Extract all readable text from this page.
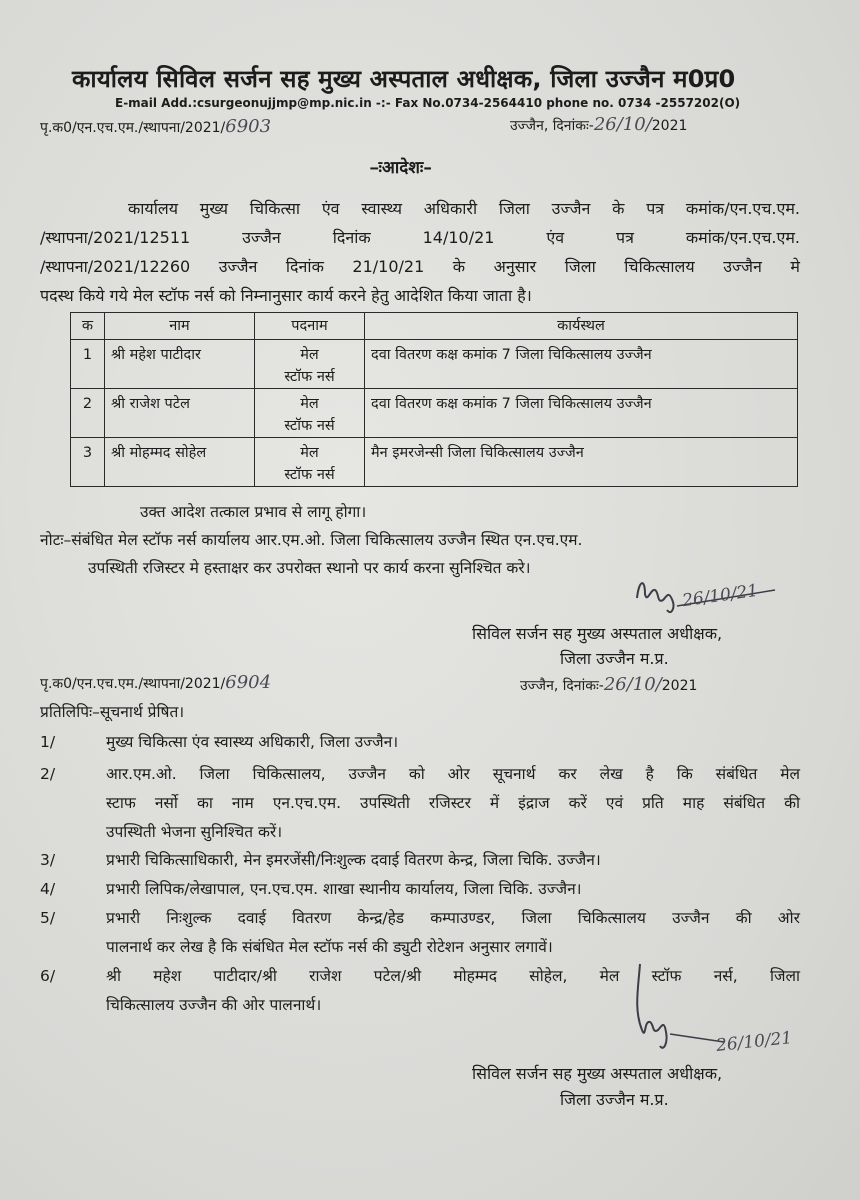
कार्यालय सिविल सर्जन सह मुख्य अस्पताल अधीक्षक, जिला उज्जैन म0प्र0
E-mail Add.:csurgeonujjmp@mp.nic.in -:- Fax No.0734-2564410 phone no. 0734 -2557202(O)
पृ.क0/एन.एच.एम./स्थापना/2021/6903	उज्जैन, दिनांकः-26/10/2021
–ःआदेशः–
कार्यालय मुख्य चिकित्सा एंव स्वास्थ्य अधिकारी जिला उज्जैन के पत्र कमांक/एन.एच.एम.
/स्थापना/2021/12511 उज्जैन दिनांक 14/10/21 एंव पत्र कमांक/एन.एच.एम.
/स्थापना/2021/12260 उज्जैन दिनांक 21/10/21 के अनुसार जिला चिकित्सालय उज्जैन मे
पदस्थ किये गये मेल स्टॉफ नर्स को निम्नानुसार कार्य करने हेतु आदेशित किया जाता है।
क	नाम	पदनाम	कार्यस्थल
1	श्री महेश पाटीदार	मेल
स्टॉफ नर्स	दवा वितरण कक्ष कमांक 7 जिला चिकित्सालय उज्जैन
2	श्री राजेश पटेल	मेल
स्टॉफ नर्स	दवा वितरण कक्ष कमांक 7 जिला चिकित्सालय उज्जैन
3	श्री मोहम्मद सोहेल	मेल
स्टॉफ नर्स	मैन इमरजेन्सी जिला चिकित्सालय उज्जैन
उक्त आदेश तत्काल प्रभाव से लागू होगा।
नोटः–संबंधित मेल स्टॉफ नर्स कार्यालय आर.एम.ओ. जिला चिकित्सालय उज्जैन स्थित एन.एच.एम.
उपस्थिती रजिस्टर मे हस्ताक्षर कर उपरोक्त स्थानो पर कार्य करना सुनिश्चित करे।
26/10/21
सिविल सर्जन सह मुख्य अस्पताल अधीक्षक,
जिला उज्जैन म.प्र.
पृ.क0/एन.एच.एम./स्थापना/2021/6904	उज्जैन, दिनांकः-26/10/2021
प्रतिलिपिः–सूचनार्थ प्रेषित।
1/	मुख्य चिकित्सा एंव स्वास्थ्य अधिकारी, जिला उज्जैन।
2/	आर.एम.ओ. जिला चिकित्सालय, उज्जैन को ओर सूचनार्थ कर लेख है कि संबंधित मेल
स्टाफ नर्सो का नाम एन.एच.एम. उपस्थिती रजिस्टर में इंद्राज करें एवं प्रति माह संबंधित की
उपस्थिती भेजना सुनिश्चित करें।
3/	प्रभारी चिकित्साधिकारी, मेन इमरजेंसी/निःशुल्क दवाई वितरण केन्द्र, जिला चिकि. उज्जैन।
4/	प्रभारी लिपिक/लेखापाल, एन.एच.एम. शाखा स्थानीय कार्यालय, जिला चिकि. उज्जैन।
5/	प्रभारी निःशुल्क दवाई वितरण केन्द्र/हेड कम्पाउण्डर, जिला चिकित्सालय उज्जैन की ओर
पालनार्थ कर लेख है कि संबंधित मेल स्टॉफ नर्स की ड्युटी रोटेशन अनुसार लगावें।
6/	श्री महेश पाटीदार/श्री राजेश पटेल/श्री मोहम्मद सोहेल, मेल स्टॉफ नर्स, जिला
चिकित्सालय उज्जैन की ओर पालनार्थ।
26/10/21
सिविल सर्जन सह मुख्य अस्पताल अधीक्षक,
जिला उज्जैन म.प्र.
